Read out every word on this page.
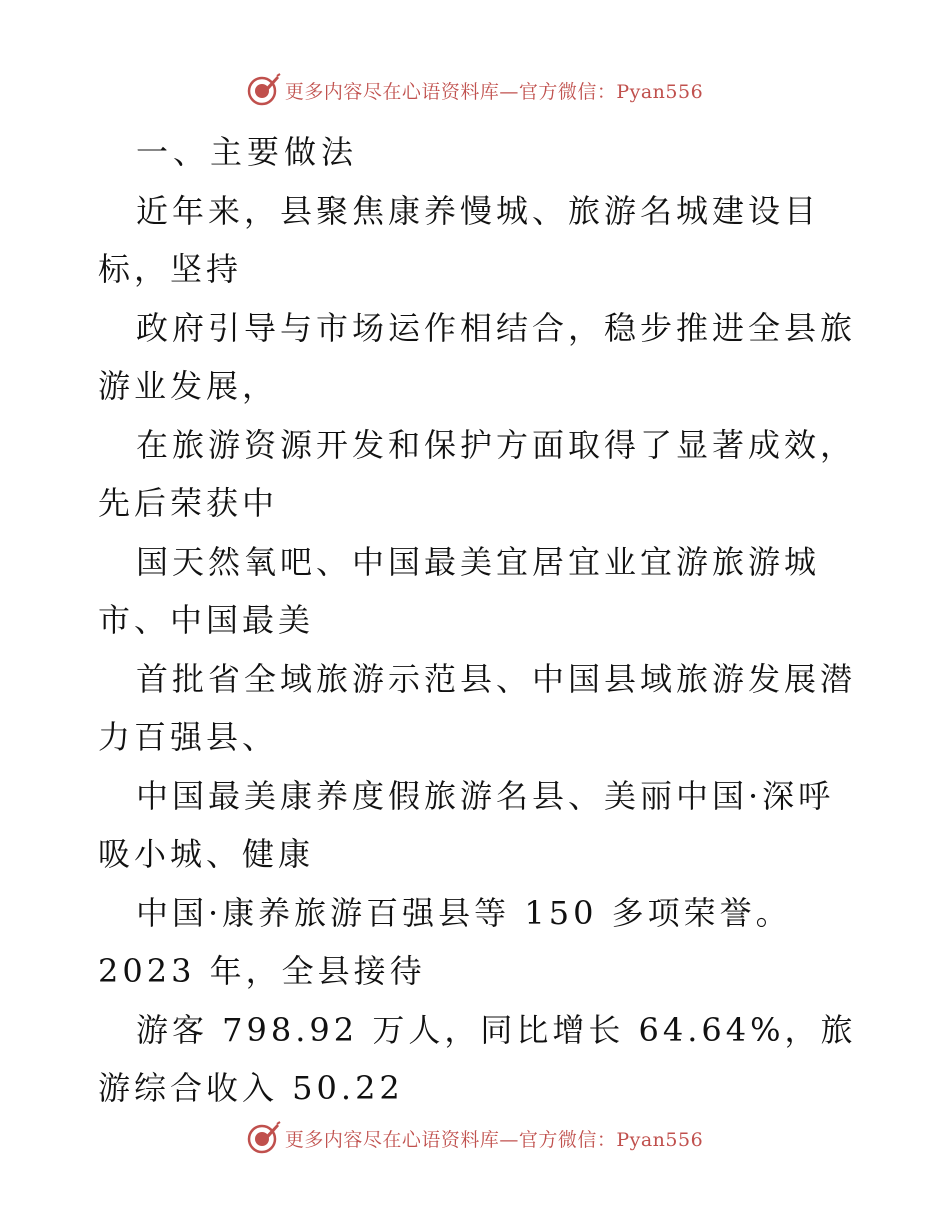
更多内容尽在心语资料库—官方微信：Pyan556

一、主要做法

近年来，县聚焦康养慢城、旅游名城建设目标，坚持

政府引导与市场运作相结合，稳步推进全县旅游业发展，

在旅游资源开发和保护方面取得了显著成效，先后荣获中

国天然氧吧、中国最美宜居宜业宜游旅游城市、中国最美

首批省全域旅游示范县、中国县域旅游发展潜力百强县、

中国最美康养度假旅游名县、美丽中国·深呼吸小城、健康

中国·康养旅游百强县等 150 多项荣誉。2023 年，全县接待

游客 798.92 万人，同比增长 64.64%，旅游综合收入 50.22

更多内容尽在心语资料库—官方微信：Pyan556
